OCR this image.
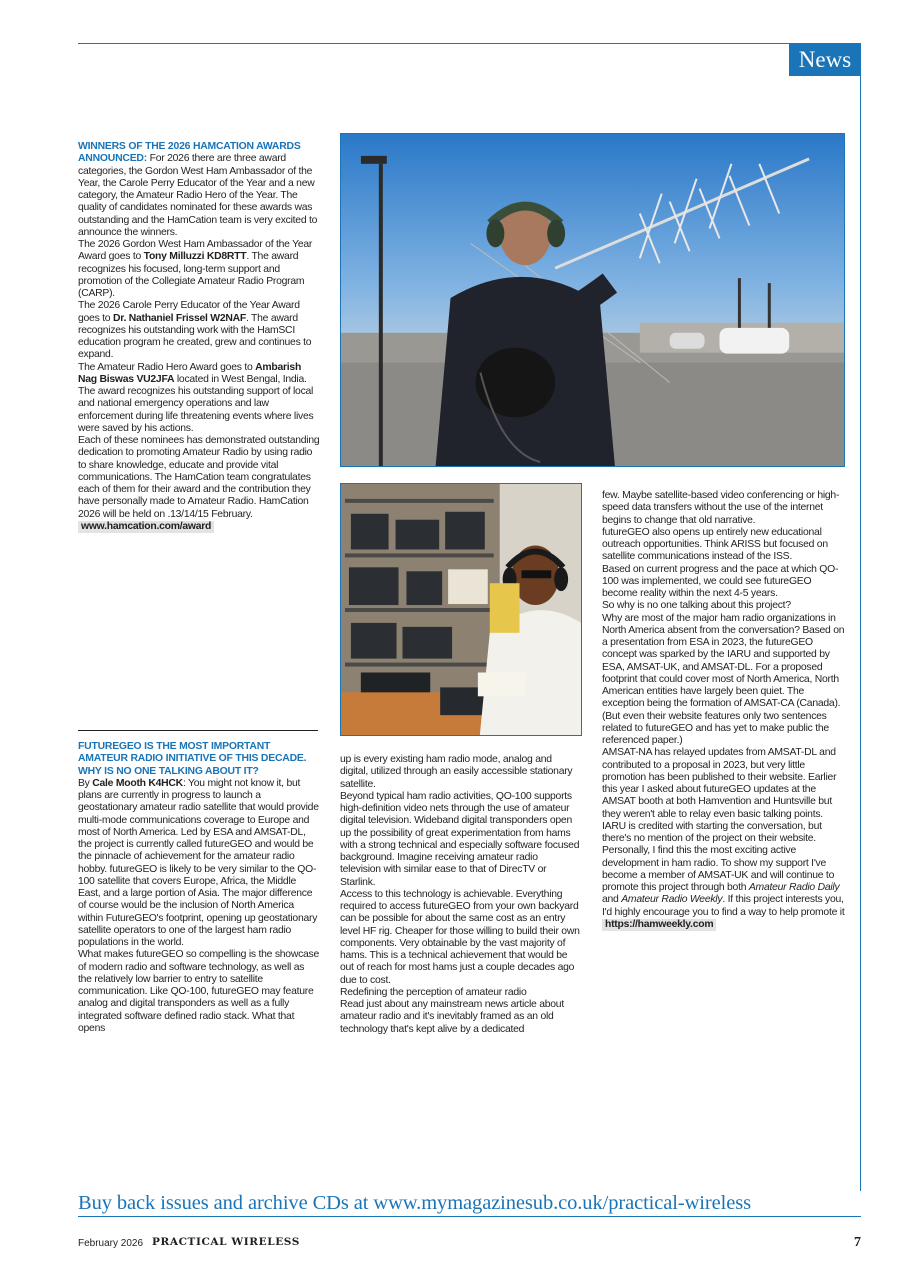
News

WINNERS OF THE 2026 HAMCATION AWARDS ANNOUNCED: For 2026 there are three award categories, the Gordon West Ham Ambassador of the Year, the Carole Perry Educator of the Year and a new category, the Amateur Radio Hero of the Year. The quality of candidates nominated for these awards was outstanding and the HamCation team is very excited to announce the winners.

The 2026 Gordon West Ham Ambassador of the Year Award goes to Tony Milluzzi KD8RTT. The award recognizes his focused, long-term support and promotion of the Collegiate Amateur Radio Program (CARP).

The 2026 Carole Perry Educator of the Year Award goes to Dr. Nathaniel Frissel W2NAF. The award recognizes his outstanding work with the HamSCI education program he created, grew and continues to expand.

The Amateur Radio Hero Award goes to Ambarish Nag Biswas VU2JFA located in West Bengal, India. The award recognizes his outstanding support of local and national emergency operations and law enforcement during life threatening events where lives were saved by his actions.

Each of these nominees has demonstrated outstanding dedication to promoting Amateur Radio by using radio to share knowledge, educate and provide vital communications. The HamCation team congratulates each of them for their award and the contribution they have personally made to Amateur Radio. HamCation 2026 will be held on .13/14/15 February.

www.hamcation.com/award

FUTUREGEO IS THE MOST IMPORTANT AMATEUR RADIO INITIATIVE OF THIS DECADE. WHY IS NO ONE TALKING ABOUT IT?

By Cale Mooth K4HCK: You might not know it, but plans are currently in progress to launch a geostationary amateur radio satellite that would provide multi-mode communications coverage to Europe and most of North America. Led by ESA and AMSAT-DL, the project is currently called futureGEO and would be the pinnacle of achievement for the amateur radio hobby. futureGEO is likely to be very similar to the QO-100 satellite that covers Europe, Africa, the Middle East, and a large portion of Asia. The major difference of course would be the inclusion of North America within FutureGEO's footprint, opening up geostationary satellite operators to one of the largest ham radio populations in the world.

What makes futureGEO so compelling is the showcase of modern radio and software technology, as well as the relatively low barrier to entry to satellite communication. Like QO-100, futureGEO may feature analog and digital transponders as well as a fully integrated software defined radio stack. What that opens

up is every existing ham radio mode, analog and digital, utilized through an easily accessible stationary satellite.

Beyond typical ham radio activities, QO-100 supports high-definition video nets through the use of amateur digital television. Wideband digital transponders open up the possibility of great experimentation from hams with a strong technical and especially software focused background. Imagine receiving amateur radio television with similar ease to that of DirecTV or Starlink.

Access to this technology is achievable. Everything required to access futureGEO from your own backyard can be possible for about the same cost as an entry level HF rig. Cheaper for those willing to build their own components. Very obtainable by the vast majority of hams. This is a technical achievement that would be out of reach for most hams just a couple decades ago due to cost.

Redefining the perception of amateur radio

Read just about any mainstream news article about amateur radio and it's inevitably framed as an old technology that's kept alive by a dedicated

few. Maybe satellite-based video conferencing or high-speed data transfers without the use of the internet begins to change that old narrative.

futureGEO also opens up entirely new educational outreach opportunities. Think ARISS but focused on satellite communications instead of the ISS.

Based on current progress and the pace at which QO-100 was implemented, we could see futureGEO become reality within the next 4-5 years.

So why is no one talking about this project?

Why are most of the major ham radio organizations in North America absent from the conversation? Based on a presentation from ESA in 2023, the futureGEO concept was sparked by the IARU and supported by ESA, AMSAT-UK, and AMSAT-DL. For a proposed footprint that could cover most of North America, North American entities have largely been quiet. The exception being the formation of AMSAT-CA (Canada). (But even their website features only two sentences related to futureGEO and has yet to make public the referenced paper.)

AMSAT-NA has relayed updates from AMSAT-DL and contributed to a proposal in 2023, but very little promotion has been published to their website. Earlier this year I asked about futureGEO updates at the AMSAT booth at both Hamvention and Huntsville but they weren't able to relay even basic talking points. IARU is credited with starting the conversation, but there's no mention of the project on their website.

Personally, I find this the most exciting active development in ham radio. To show my support I've become a member of AMSAT-UK and will continue to promote this project through both Amateur Radio Daily and Amateur Radio Weekly. If this project interests you, I'd highly encourage you to find a way to help promote it

https://hamweekly.com

Buy back issues and archive CDs at www.mymagazinesub.co.uk/practical-wireless
February 2026 PRACTICAL WIRELESS	7
